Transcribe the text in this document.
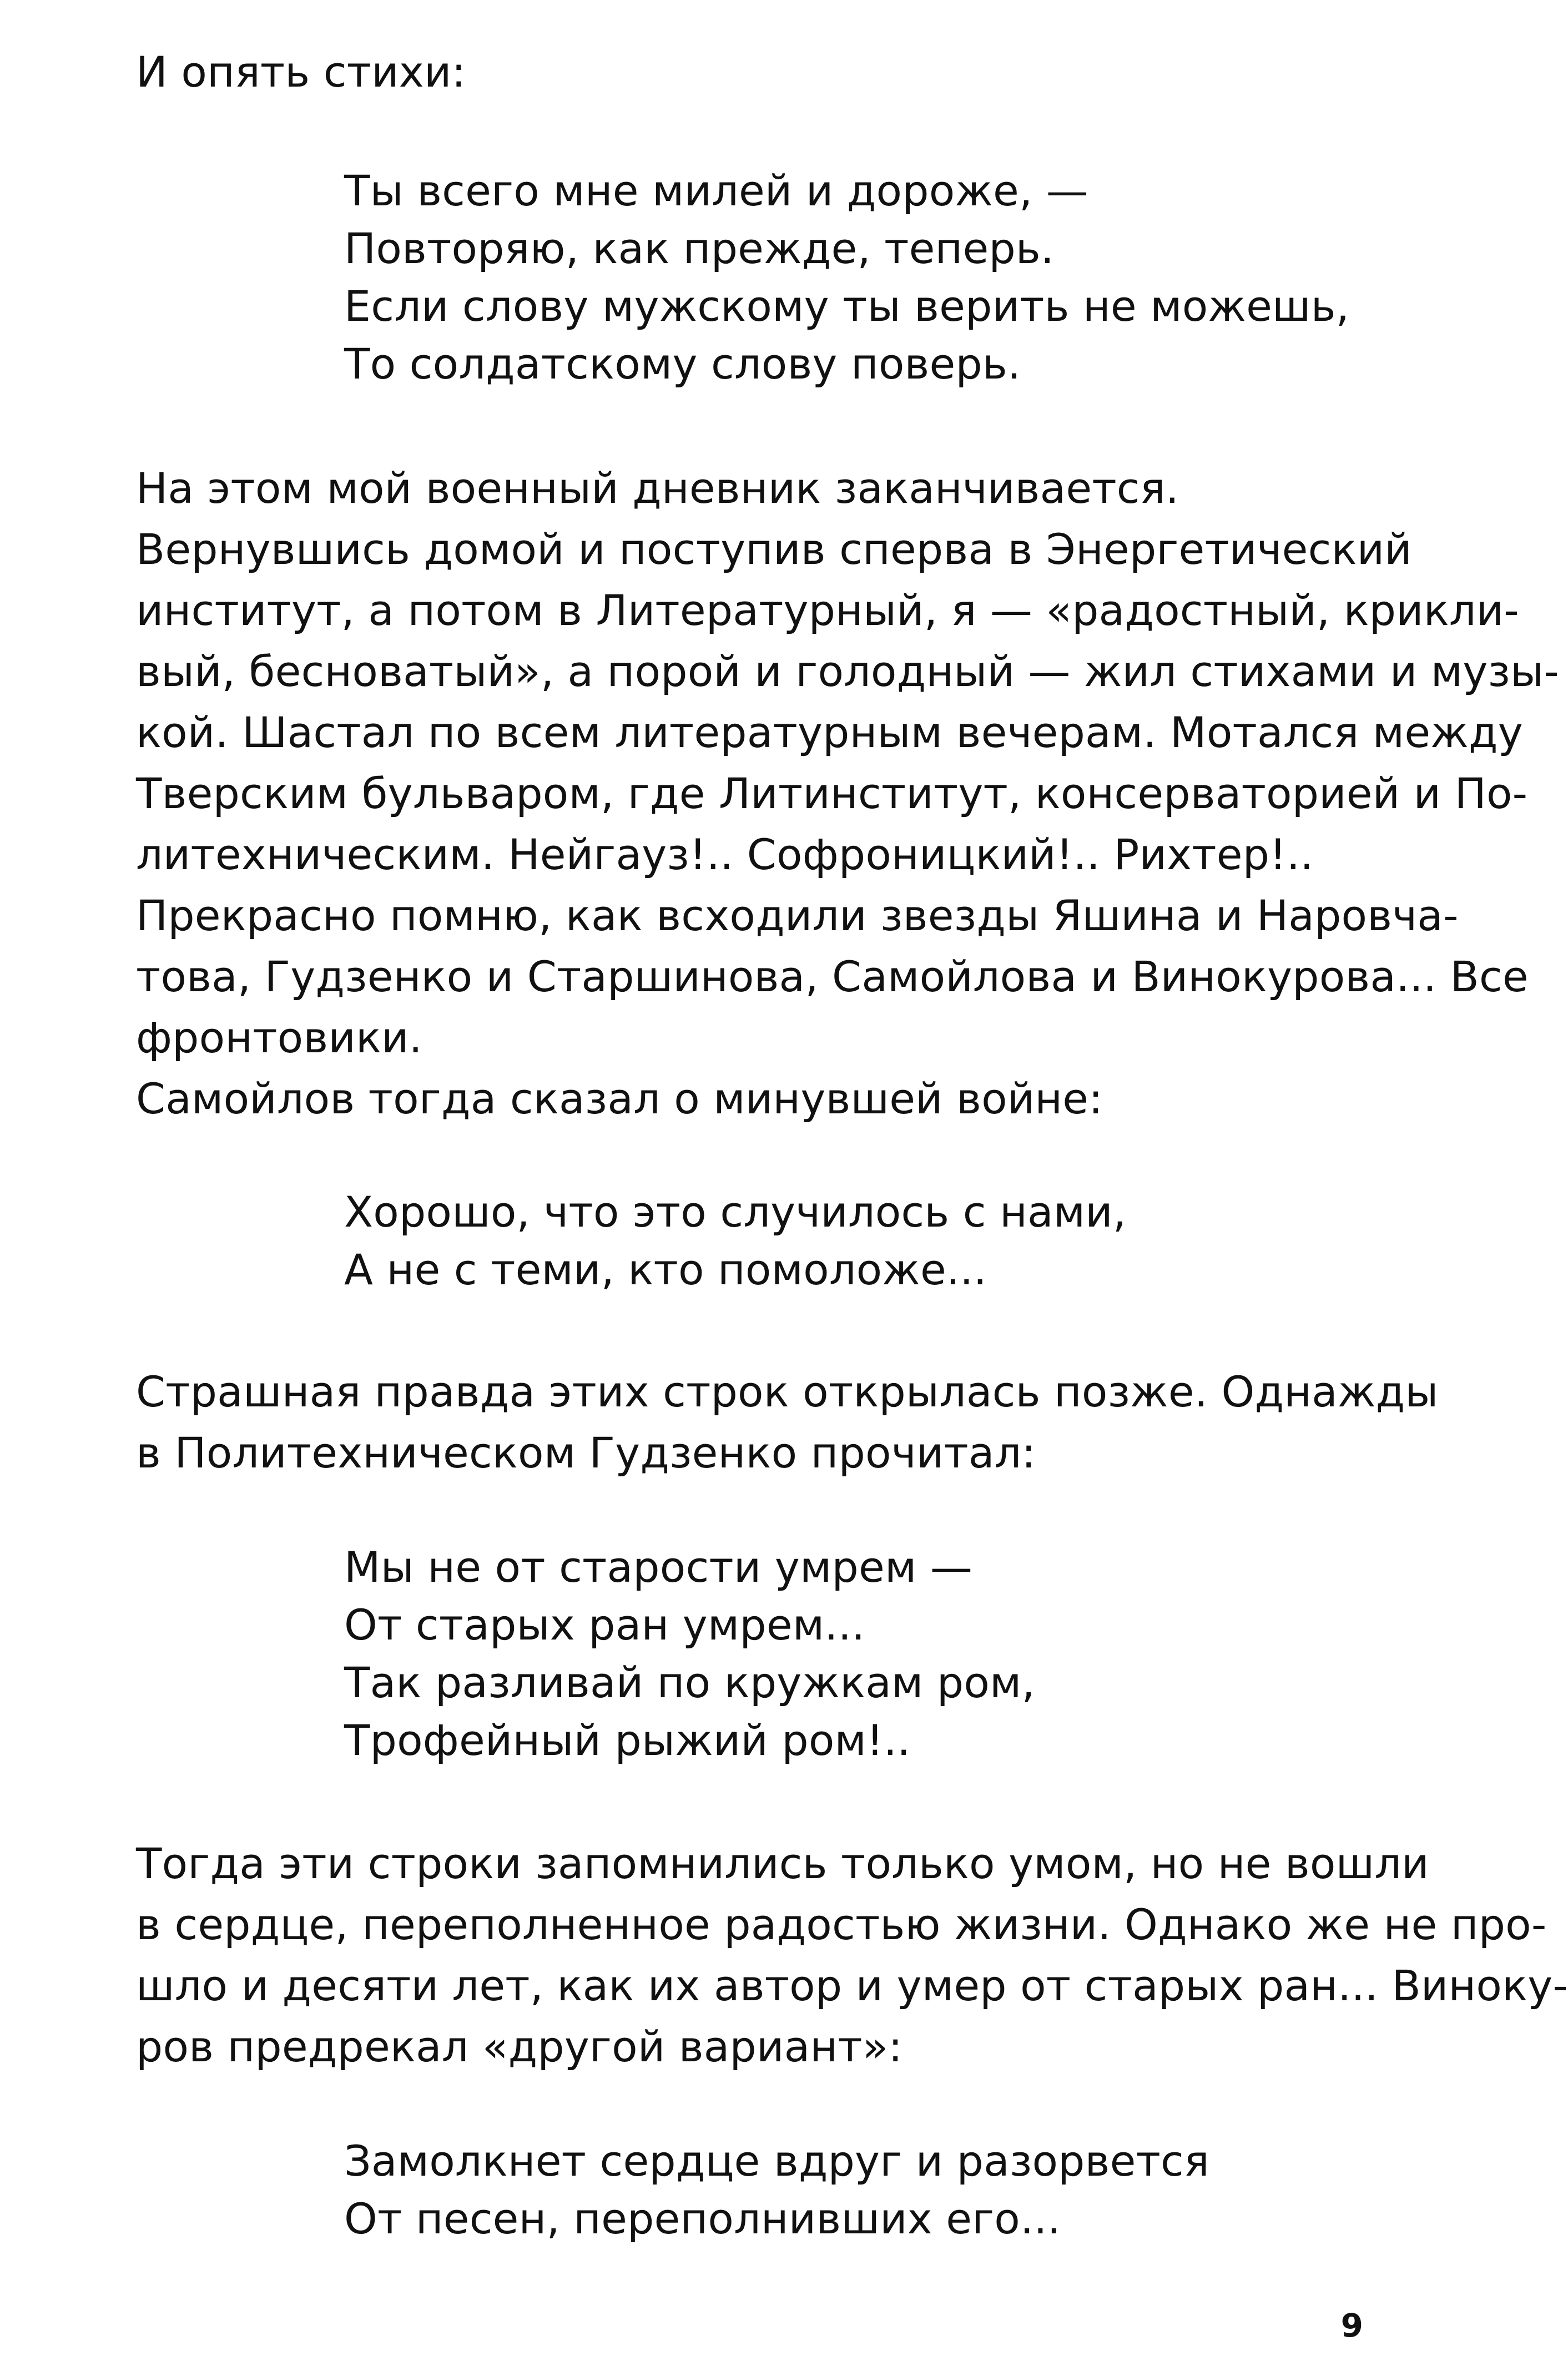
И опять стихи:
Ты всего мне милей и дороже, —
Повторяю, как прежде, теперь.
Если слову мужскому ты верить не можешь,
То солдатскому слову поверь.
На этом мой военный дневник заканчивается.
Вернувшись домой и поступив сперва в Энергетический
институт, а потом в Литературный, я — «радостный, крикли-
вый, бесноватый», а порой и голодный — жил стихами и музы-
кой. Шастал по всем литературным вечерам. Мотался между
Тверским бульваром, где Литинститут, консерваторией и По-
литехническим. Нейгауз!.. Софроницкий!.. Рихтер!..
Прекрасно помню, как всходили звезды Яшина и Наровча-
това, Гудзенко и Старшинова, Самойлова и Винокурова... Все
фронтовики.
Самойлов тогда сказал о минувшей войне:
Хорошо, что это случилось с нами,
А не с теми, кто помоложе...
Страшная правда этих строк открылась позже. Однажды
в Политехническом Гудзенко прочитал:
Мы не от старости умрем —
От старых ран умрем...
Так разливай по кружкам ром,
Трофейный рыжий ром!..
Тогда эти строки запомнились только умом, но не вошли
в сердце, переполненное радостью жизни. Однако же не про-
шло и десяти лет, как их автор и умер от старых ран... Виноку-
ров предрекал «другой вариант»:
Замолкнет сердце вдруг и разорвется
От песен, переполнивших его...
9
